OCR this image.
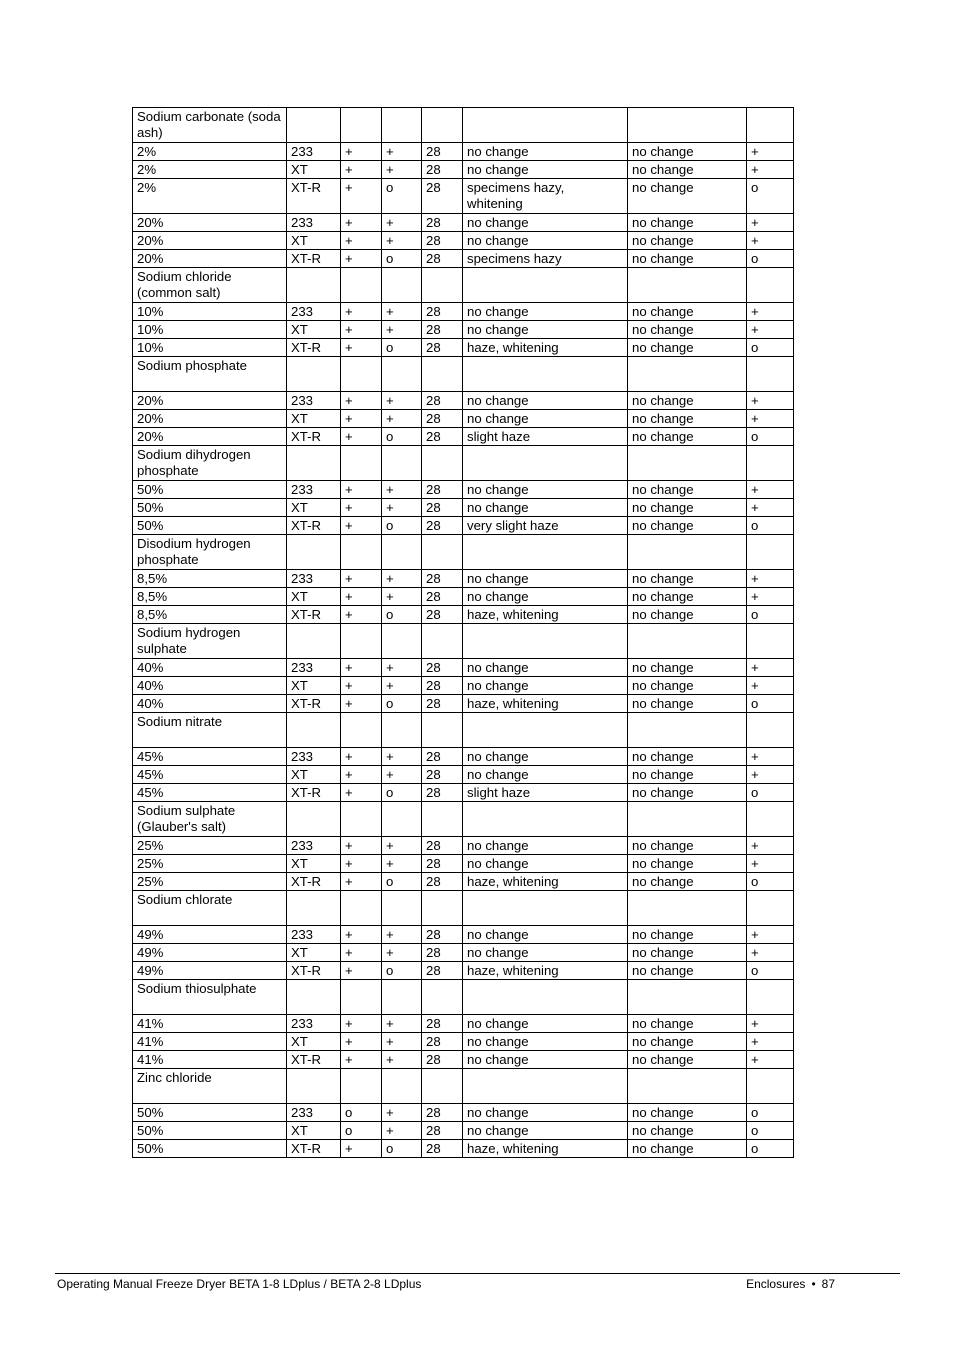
Sodium carbonate (soda ash)							
2%	233	+	+	28	no change	no change	+
2%	XT	+	+	28	no change	no change	+
2%	XT-R	+	o	28	specimens hazy, whitening	no change	o
20%	233	+	+	28	no change	no change	+
20%	XT	+	+	28	no change	no change	+
20%	XT-R	+	o	28	specimens hazy	no change	o
Sodium chloride (common salt)							
10%	233	+	+	28	no change	no change	+
10%	XT	+	+	28	no change	no change	+
10%	XT-R	+	o	28	haze, whitening	no change	o
Sodium phosphate							
20%	233	+	+	28	no change	no change	+
20%	XT	+	+	28	no change	no change	+
20%	XT-R	+	o	28	slight haze	no change	o
Sodium dihydrogen phosphate							
50%	233	+	+	28	no change	no change	+
50%	XT	+	+	28	no change	no change	+
50%	XT-R	+	o	28	very slight haze	no change	o
Disodium hydrogen phosphate							
8,5%	233	+	+	28	no change	no change	+
8,5%	XT	+	+	28	no change	no change	+
8,5%	XT-R	+	o	28	haze, whitening	no change	o
Sodium hydrogen sulphate							
40%	233	+	+	28	no change	no change	+
40%	XT	+	+	28	no change	no change	+
40%	XT-R	+	o	28	haze, whitening	no change	o
Sodium nitrate							
45%	233	+	+	28	no change	no change	+
45%	XT	+	+	28	no change	no change	+
45%	XT-R	+	o	28	slight haze	no change	o
Sodium sulphate (Glauber's salt)							
25%	233	+	+	28	no change	no change	+
25%	XT	+	+	28	no change	no change	+
25%	XT-R	+	o	28	haze, whitening	no change	o
Sodium chlorate							
49%	233	+	+	28	no change	no change	+
49%	XT	+	+	28	no change	no change	+
49%	XT-R	+	o	28	haze, whitening	no change	o
Sodium thiosulphate							
41%	233	+	+	28	no change	no change	+
41%	XT	+	+	28	no change	no change	+
41%	XT-R	+	+	28	no change	no change	+
Zinc chloride							
50%	233	o	+	28	no change	no change	o
50%	XT	o	+	28	no change	no change	o
50%	XT-R	+	o	28	haze, whitening	no change	o
Operating Manual Freeze Dryer BETA 1-8 LDplus / BETA 2-8 LDplus	Enclosures • 87
